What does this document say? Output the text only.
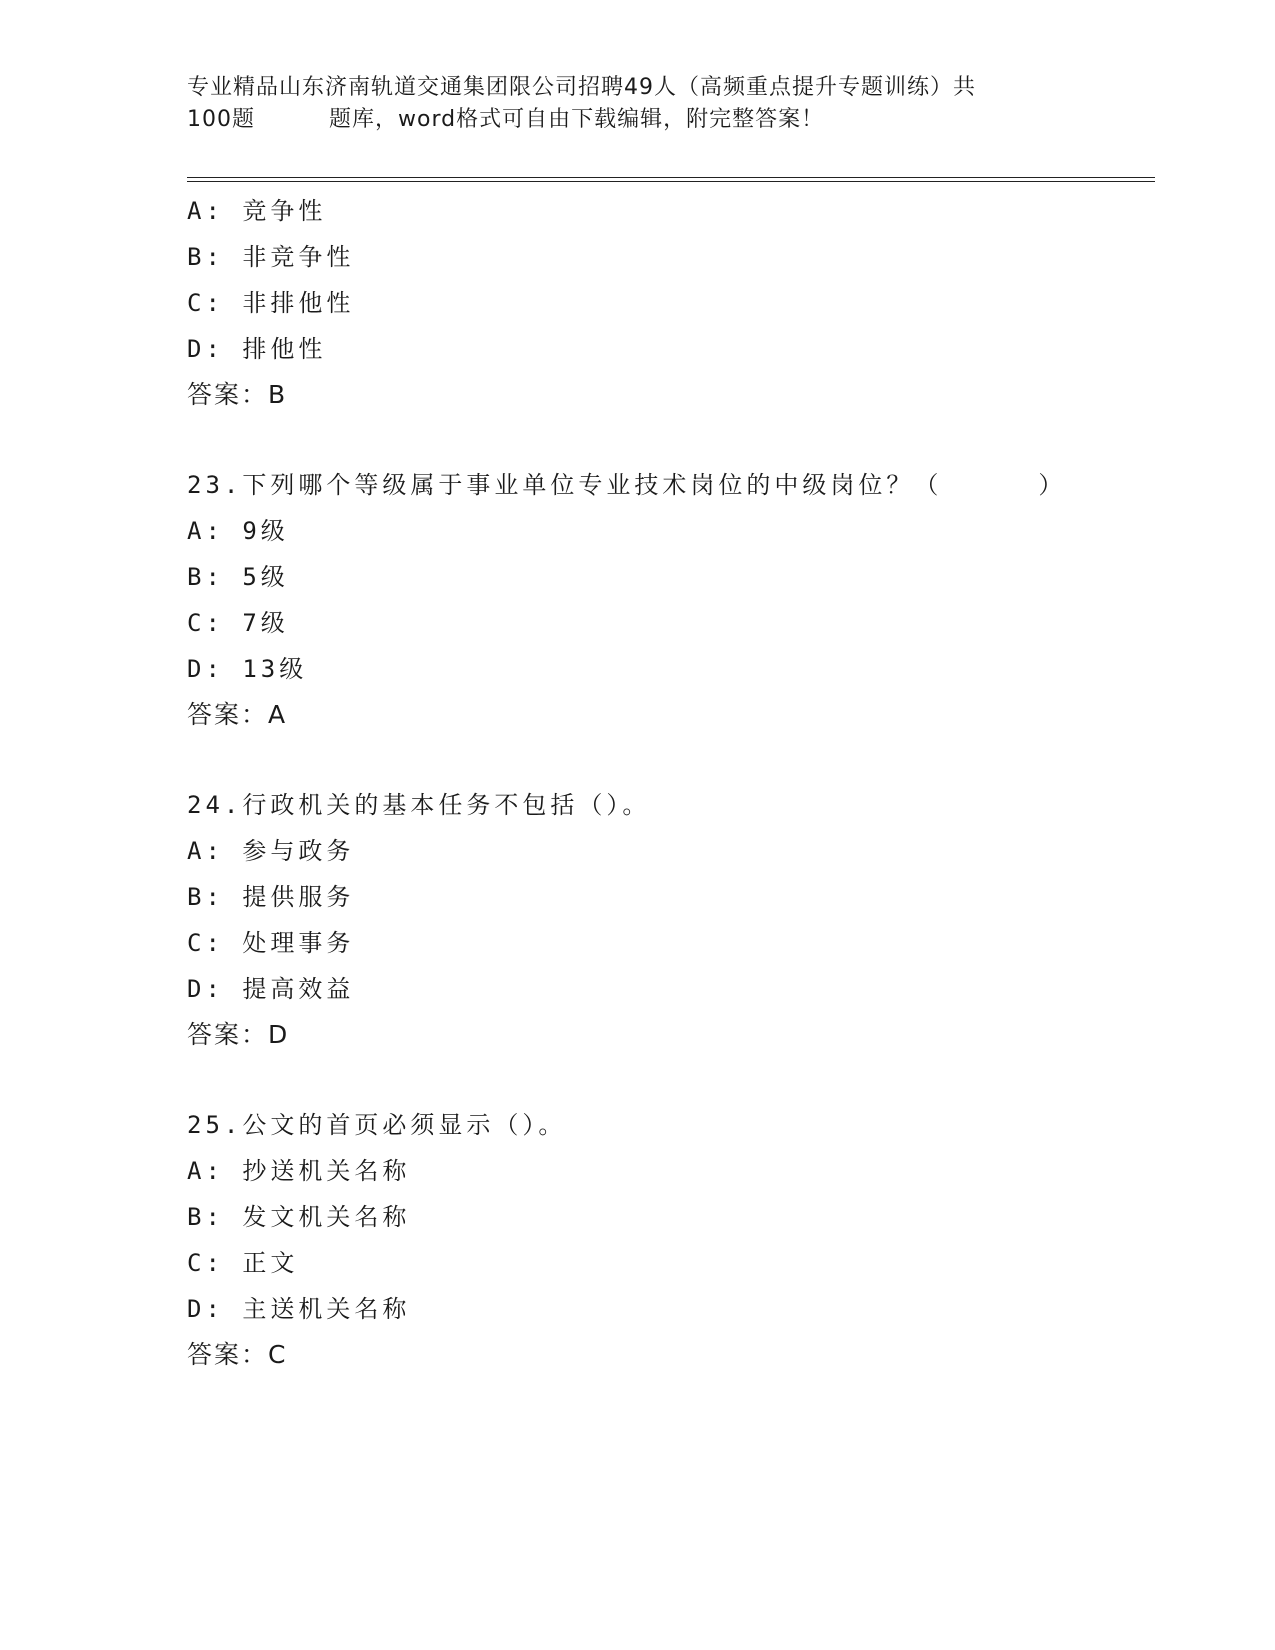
专业精品山东济南轨道交通集团限公司招聘49人（高频重点提升专题训练）共
100题	题库，word格式可自由下载编辑，附完整答案！
A: 竞争性
B: 非竞争性
C: 非排他性
D: 排他性
答案：B
23.下列哪个等级属于事业单位专业技术岗位的中级岗位？（	）
A: 9级
B: 5级
C: 7级
D: 13级
答案：A
24.行政机关的基本任务不包括（）。
A: 参与政务
B: 提供服务
C: 处理事务
D: 提高效益
答案：D
25.公文的首页必须显示（）。
A: 抄送机关名称
B: 发文机关名称
C: 正文
D: 主送机关名称
答案：C
